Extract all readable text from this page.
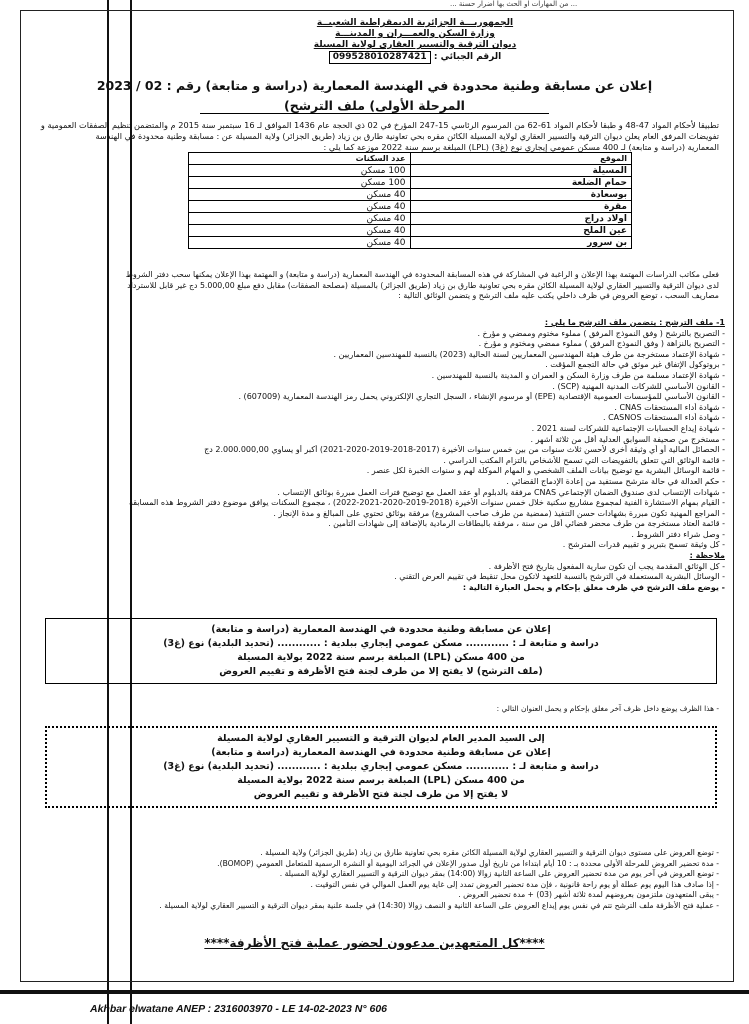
... من المهارات او الحث بها اضرار حسنة ...
الجمهوريـــة الجزائرية الديمقراطية الشعبيــة
وزارة السكن والعمـــران و المدينـــة
ديوان الترقية والتسيير العقاري لولاية المسيلة
الرقم الجبائي : 099528010287421
إعلان عن مسابقة وطنية محدودة في الهندسة المعمارية (دراسة و متابعة) رقم : 02 / 2023
المرحلة الأولى) ملف الترشح)
تطبيقا لأحكام المواد 47-48 و طبقا لأحكام المواد 61-62 من المرسوم الرئاسي 15-247 المؤرخ في 02 ذي الحجة عام 1436 الموافق لـ 16 سبتمبر سنة 2015 م والمتضمن تنظيم الصفقات العمومية و
تفويضات المرفق العام يعلن ديوان الترقية والتسيير العقاري لولاية المسيلة الكائن مقره بحي تعاونية طارق بن زياد (طريق الجزائر) ولاية المسيلة عن : مسابقة وطنية محدودة في الهندسة
المعمارية (دراسة و متابعة) لـ 400 مسكن عمومي إيجاري نوع (غ3) (LPL) المبلغة برسم سنة 2022 موزعة كما يلي :
الموقع	عدد السكنات
المسيلة	100 مسكن
حمام الضلعة	100 مسكن
بوسعادة	40 مسكن
مقرة	40 مسكن
اولاد دراج	40 مسكن
عين الملح	40 مسكن
بن سرور	40 مسكن
فعلى مكاتب الدراسات المهتمة بهذا الإعلان و الراغبة في المشاركة في هذه المسابقة المحدودة في الهندسة المعمارية (دراسة و متابعة) و المهتمة بهذا الإعلان يمكنها سحب دفتر الشروط
لدى ديوان الترقية والتسيير العقاري لولاية المسيلة الكائن مقره بحي تعاونية طارق بن زياد (طريق الجزائر) بالمسيلة (مصلحة الصفقات) مقابل دفع مبلغ 5.000,00 دج غير قابل للاسترداد
مصاريف السحب ، توضع العروض في ظرف داخلي يكتب عليه ملف الترشح و يتضمن الوثائق التالية :
1- ملف الترشح : يتضمن ملف الترشح ما يلي :
- التصريح بالترشح ( وفق النموذج المرفق ) مملوء مختوم وممضي و مؤرخ .
- التصريح بالنزاهة ( وفق النموذج المرفق ) مملوء ممضي ومختوم و مؤرخ .
- شهادة الإعتماد مستخرجة من طرف هيئة المهندسين المعماريين لسنة الحالية (2023) بالنسبة للمهندسين المعماريين .
- بروتوكول الإتفاق غير موثق في حالة التجمع المؤقت .
- شهادة الإعتماد مسلمة من طرف وزارة السكن و العمران و المدينة بالنسبة للمهندسين .
- القانون الأساسي للشركات المدنية المهنية (SCP) .
- القانون الأساسي للمؤسسات العمومية الإقتصادية (EPE) أو مرسوم الإنشاء ، السجل التجاري الإلكتروني يحمل رمز الهندسة المعمارية (607009) .
- شهادة أداء المستحقات CNAS .
- شهادة أداء المستحقات CASNOS .
- شهادة إيداع الحسابات الإجتماعية للشركات لسنة 2021 .
- مستخرج من صحيفة السوابق العدلية أقل من ثلاثة أشهر .
- الحصائل المالية أو أي وثيقة أخرى لأحسن ثلاث سنوات من بين خمس سنوات الأخيرة (2017-2018-2019-2020-2021) أكبر أو يساوي 2.000.000,00 دج
- قائمة الوثائق التي تتعلق بالتفويضات التي تسمح للأشخاص بالتزام المكتب الدراسي .
- قائمة الوسائل البشرية مع توضيح بيانات الملف الشخصي و المهام الموكلة لهم و سنوات الخبرة لكل عنصر .
- حكم العدالة في حالة مترشح مستفيد من إعادة الإدماج القضائي .
- شهادات الإنتساب لدى صندوق الضمان الإجتماعي CNAS مرفقة بالدبلوم أو عقد العمل مع توضيح فترات العمل مبررة بوثائق الإنتساب .
- القيام بمهام الاستشارة الفنية لمجموع مشاريع سكنية خلال خمس سنوات الأخيرة (2018-2019-2020-2021-2022) ، مجموع السكنات يوافق موضوع دفتر الشروط هذه المسابقة
- المراجع المهنية تكون مبررة بشهادات حسن التنفيذ (ممضية من طرف صاحب المشروع) مرفقة بوثائق تحتوي على المبالغ و مدة الإنجاز .
- قائمة العتاد مستخرجة من طرف محضر قضائي أقل من سنة ، مرفقة بالبطاقات الرمادية بالإضافة إلى شهادات التأمين .
- وصل شراء دفتر الشروط .
- كل وثيقة تسمح بتبرير و تقييم قدرات المترشح .
ملاحظة :
- كل الوثائق المقدمة يجب أن تكون سارية المفعول بتاريخ فتح الأظرفة .
- الوسائل البشرية المستعملة في الترشح بالنسبة للتعهد لاتكون محل تنقيط في تقييم العرض التقني .
- يوضع ملف الترشح في ظرف مغلق بإحكام و يحمل العبارة التالية :
إعلان عن مسابقة وطنية محدودة في الهندسة المعمارية (دراسة و متابعة)
دراسة و متابعة لـ : ............ مسكن عمومي إيجاري ببلدية : ............ (تحديد البلدية) نوع (غ3)
من 400 مسكن (LPL) المبلغة برسم سنة 2022 بولاية المسيلة
(ملف الترشح) لا يفتح إلا من طرف لجنة فتح الأظرفة و تقييم العروض
- هذا الظرف يوضع داخل ظرف آخر مغلق بإحكام و يحمل العنوان التالي :
إلى السيد المدير العام لديوان الترقية و التسيير العقاري لولاية المسيلة
إعلان عن مسابقة وطنية محدودة في الهندسة المعمارية (دراسة و متابعة)
دراسة و متابعة لـ : ............ مسكن عمومي إيجاري ببلدية : ............ (تحديد البلدية) نوع (غ3)
من 400 مسكن (LPL) المبلغة برسم سنة 2022 بولاية المسيلة
لا يفتح إلا من طرف لجنة فتح الأظرفة و تقييم العروض
- توضع العروض على مستوى ديوان الترقية و التسيير العقاري لولاية المسيلة الكائن مقره بحي تعاونية طارق بن زياد (طريق الجزائر) ولاية المسيلة .
- مدة تحضير العروض للمرحلة الأولى محددة بـ : 10 أيام ابتداءا من تاريخ أول صدور الإعلان في الجرائد اليومية أو النشرة الرسمية للمتعامل العمومي (BOMOP).
- توضع العروض في آخر يوم من مدة تحضير العروض على الساعة الثانية زوالا (14:00) بمقر ديوان الترقية و التسيير العقاري لولاية المسيلة .
- إذا صادف هذا اليوم يوم عطلة أو يوم راحة قانونية ، فإن مدة تحضير العروض تمدد إلى غاية يوم العمل الموالي في نفس التوقيت .
- يبقى المتعهدون ملتزمون بعروضهم لمدة ثلاثة أشهر (03) + مدة تحضير العروض .
- عملية فتح الأظرفة ملف الترشح تتم في نفس يوم إيداع العروض على الساعة الثانية و النصف زوالا (14:30) في جلسة علنية بمقر ديوان الترقية و التسيير العقاري لولاية المسيلة .
****كل المتعهدين مدعوون لحضور عملية فتح الأظرفة****
Akhbar elwatane ANEP : 2316003970 - LE 14-02-2023 N° 606
